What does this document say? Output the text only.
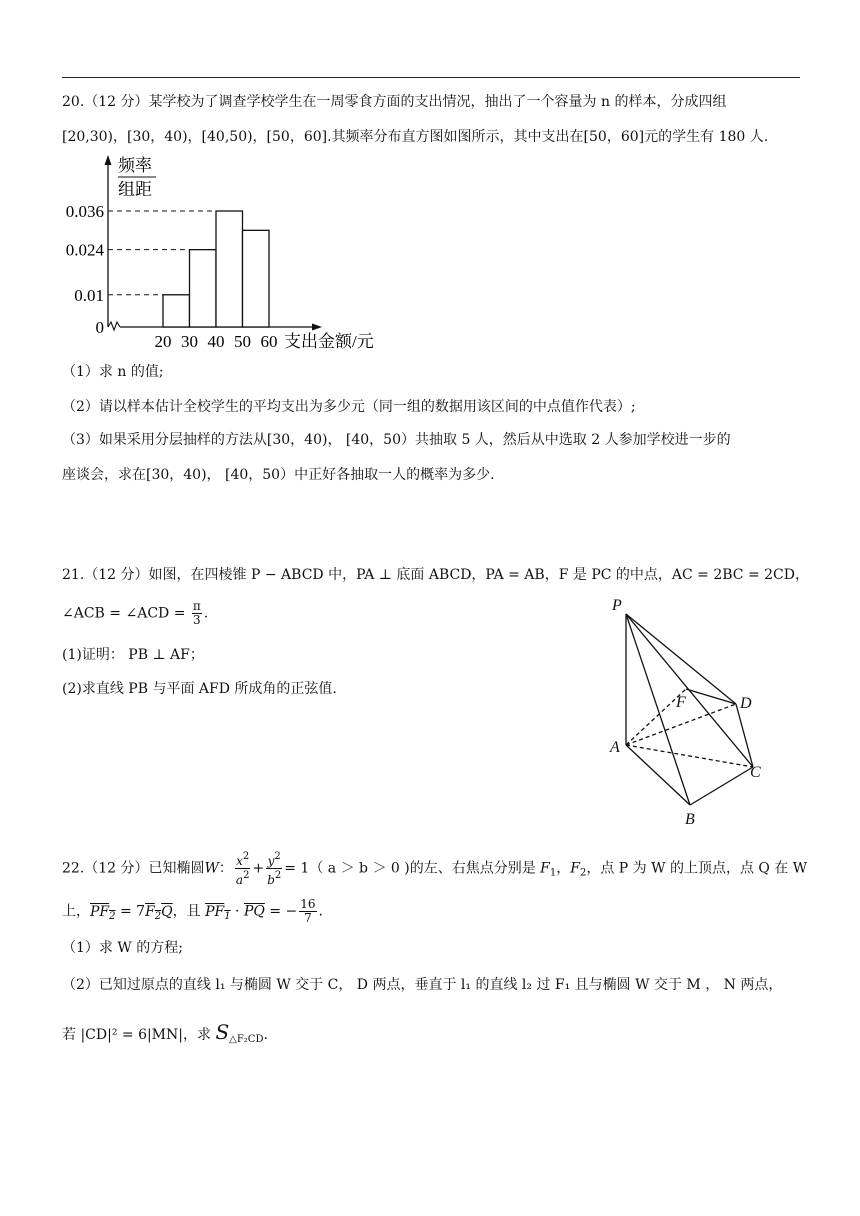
20.（12 分）某学校为了调查学校学生在一周零食方面的支出情况，抽出了一个容量为 n 的样本，分成四组
[20,30)，[30，40)，[40,50)，[50，60].其频率分布直方图如图所示，其中支出在[50，60]元的学生有 180 人.
频率
组距
0.036
0.024
0.01
0
20 30 40 50 60 支出金额/元
（1）求 n 的值;
（2）请以样本估计全校学生的平均支出为多少元（同一组的数据用该区间的中点值作代表）;
（3）如果采用分层抽样的方法从[30，40)， [40，50）共抽取 5 人，然后从中选取 2 人参加学校进一步的
座谈会，求在[30，40)， [40，50）中正好各抽取一人的概率为多少.
21.（12 分）如图，在四棱锥 P − ABCD 中，PA ⊥ 底面 ABCD，PA = AB，F 是 PC 的中点，AC = 2BC = 2CD，
∠ACB = ∠ACD = $\frac{\pi}{3}$ .
(1)证明： PB ⊥ AF；
(2)求直线 PB 与平面 AFD 所成角的正弦值.
P
F	D
A
C
B
22.（12 分）已知椭圆W： $\frac{x^2}{a^2} + \frac{y^2}{b^2} = 1$（ a ＞ b ＞ 0 )的左、右焦点分别是 $F_1$，$F_2$，点 P 为 W 的上顶点，点 Q 在 W
上，$PF_2 = 7F_2Q$，且 $PF_1 \cdot \overline{PQ}$ = − $\frac{16}{7}$ .
（1）求 W 的方程;
（2）已知过原点的直线 l₁ 与椭圆 W 交于 C， D 两点，垂直于 l₁ 的直线 l₂ 过 F₁ 且与椭圆 W 交于 M ， N 两点，
若 |CD|² = 6|MN|，求 $S_{\triangle F_2CD}$.
